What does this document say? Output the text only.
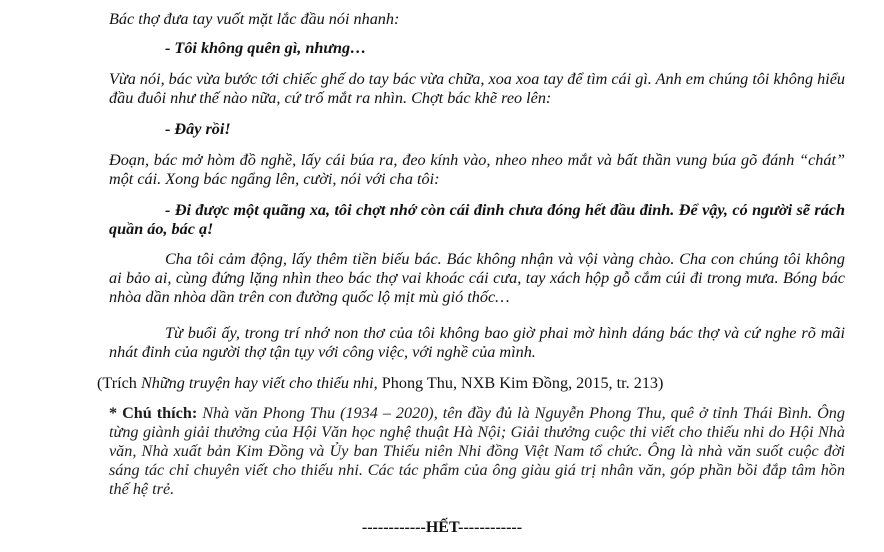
Bác thợ đưa tay vuốt mặt lắc đầu nói nhanh:
- Tôi không quên gì, nhưng…
Vừa nói, bác vừa bước tới chiếc ghế do tay bác vừa chữa, xoa xoa tay để tìm cái gì. Anh em chúng tôi không hiểu đầu đuôi như thế nào nữa, cứ trố mắt ra nhìn. Chợt bác khẽ reo lên:
- Đây rồi!
Đoạn, bác mở hòm đồ nghề, lấy cái búa ra, đeo kính vào, nheo nheo mắt và bất thần vung búa gõ đánh “chát” một cái. Xong bác ngẩng lên, cười, nói với cha tôi:
- Đi được một quãng xa, tôi chợt nhớ còn cái đinh chưa đóng hết đầu đinh. Để vậy, có người sẽ rách quần áo, bác ạ!
Cha tôi cảm động, lấy thêm tiền biếu bác. Bác không nhận và vội vàng chào. Cha con chúng tôi không ai bảo ai, cùng đứng lặng nhìn theo bác thợ vai khoác cái cưa, tay xách hộp gỗ cắm cúi đi trong mưa. Bóng bác nhòa dần nhòa dần trên con đường quốc lộ mịt mù gió thốc…
Từ buổi ấy, trong trí nhớ non thơ của tôi không bao giờ phai mờ hình dáng bác thợ và cứ nghe rõ mãi nhát đinh của người thợ tận tụy với công việc, với nghề của mình.
(Trích Những truyện hay viết cho thiếu nhi, Phong Thu, NXB Kim Đồng, 2015, tr. 213)
* Chú thích: Nhà văn Phong Thu (1934 – 2020), tên đầy đủ là Nguyễn Phong Thu, quê ở tỉnh Thái Bình. Ông từng giành giải thưởng của Hội Văn học nghệ thuật Hà Nội; Giải thưởng cuộc thi viết cho thiếu nhi do Hội Nhà văn, Nhà xuất bản Kim Đồng và Ủy ban Thiếu niên Nhi đồng Việt Nam tổ chức. Ông là nhà văn suốt cuộc đời sáng tác chỉ chuyên viết cho thiếu nhi. Các tác phẩm của ông giàu giá trị nhân văn, góp phần bồi đắp tâm hồn thế hệ trẻ.
------------HẾT------------
